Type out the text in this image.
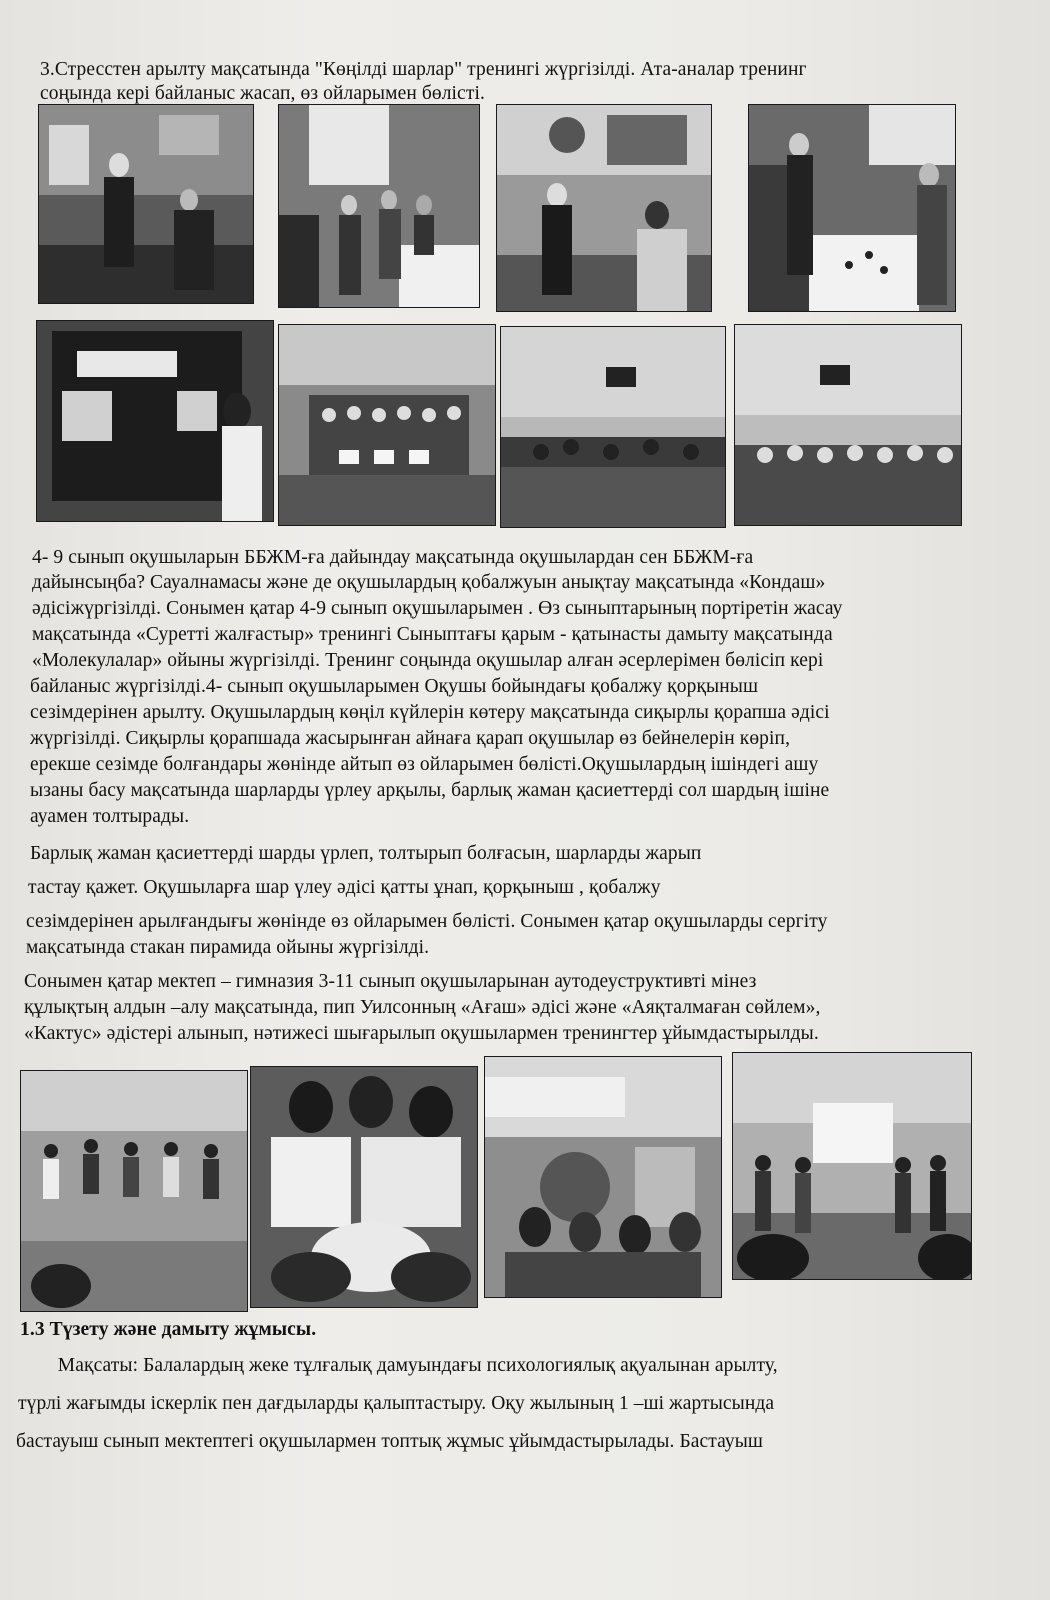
3.Стресстен арылту мақсатында "Көңілді шарлар" тренингі жүргізілді. Ата-аналар тренинг
соңында кері байланыс жасап, өз ойларымен бөлісті.
4- 9 сынып оқушыларын ББЖМ-ға дайындау мақсатында оқушылардан сен ББЖМ-ға
дайынсыңба? Сауалнамасы және де оқушылардың қобалжуын анықтау мақсатында «Кондаш»
әдісіжүргізілді. Сонымен қатар 4-9 сынып оқушыларымен . Өз сыныптарының портіретін жасау
мақсатында «Суретті жалғастыр» тренингі Сыныптағы қарым - қатынасты дамыту мақсатында
«Молекулалар» ойыны жүргізілді. Тренинг соңында оқушылар алған әсерлерімен бөлісіп кері
байланыс жүргізілді.4- сынып оқушыларымен Оқушы бойындағы қобалжу қорқыныш
сезімдерінен арылту. Оқушылардың көңіл күйлерін көтеру мақсатында сиқырлы қорапша әдісі
жүргізілді. Сиқырлы қорапшада жасырынған айнаға қарап оқушылар өз бейнелерін көріп,
ерекше сезімде болғандары жөнінде айтып өз ойларымен бөлісті.Оқушылардың ішіндегі ашу
ызаны басу мақсатында шарларды үрлеу арқылы, барлық жаман қасиеттерді сол шардың ішіне
ауамен толтырады.
Барлық жаман қасиеттерді шарды үрлеп, толтырып болғасын, шарларды жарып
тастау қажет. Оқушыларға шар үлеу әдісі қатты ұнап, қорқыныш , қобалжу
сезімдерінен арылғандығы жөнінде өз ойларымен бөлісті. Сонымен қатар оқушыларды сергіту
мақсатында стакан пирамида ойыны жүргізілді.
Сонымен қатар мектеп – гимназия 3-11 сынып оқушыларынан аутодеуструктивті мінез
құлықтың алдын –алу мақсатында, пип Уилсонның «Ағаш» әдісі және «Аяқталмаған сөйлем»,
«Кактус» әдістері алынып, нәтижесі шығарылып оқушылармен тренингтер ұйымдастырылды.
1.3 Түзету және дамыту жұмысы.
Мақсаты: Балалардың жеке тұлғалық дамуындағы психологиялық ақуалынан арылту,
түрлі жағымды іскерлік пен дағдыларды қалыптастыру. Оқу жылының 1 –ші жартысында
бастауыш сынып мектептегі оқушылармен топтық жұмыс ұйымдастырылады. Бастауыш
